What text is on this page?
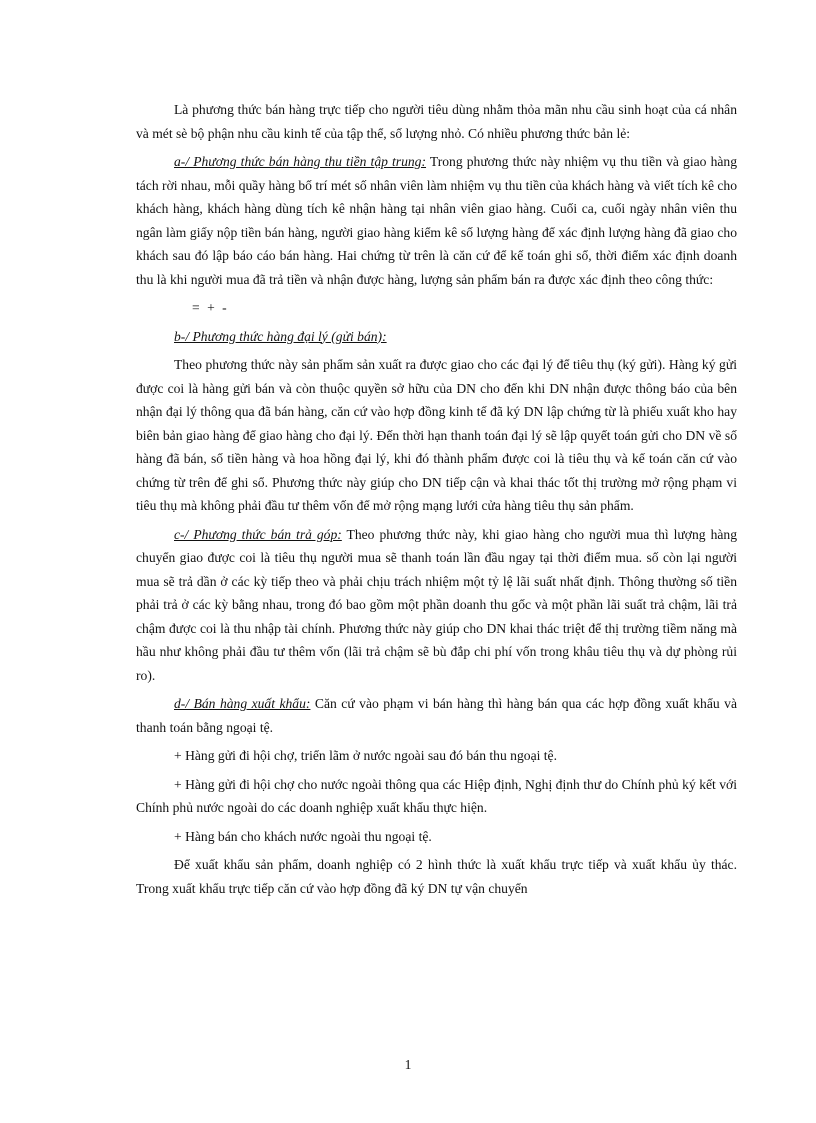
Là phương thức bán hàng trực tiếp cho người tiêu dùng nhằm thỏa mãn nhu cầu sinh hoạt của cá nhân và mét sè bộ phận nhu cầu kinh tế của tập thể, số lượng nhỏ. Có nhiều phương thức bản lẻ:

a-/ Phương thức bán hàng thu tiền tập trung: Trong phương thức này nhiệm vụ thu tiền và giao hàng tách rời nhau, mỗi quầy hàng bố trí mét số nhân viên làm nhiệm vụ thu tiền của khách hàng và viết tích kê cho khách hàng, khách hàng dùng tích kê nhận hàng tại nhân viên giao hàng. Cuối ca, cuối ngày nhân viên thu ngân làm giấy nộp tiền bán hàng, người giao hàng kiểm kê số lượng hàng để xác định lượng hàng đã giao cho khách sau đó lập báo cáo bán hàng. Hai chứng từ trên là căn cứ để kế toán ghi sổ, thời điểm xác định doanh thu là khi người mua đã trả tiền và nhận được hàng, lượng sản phẩm bán ra được xác định theo công thức:

= + -

b-/ Phương thức hàng đại lý (gửi bán):

Theo phương thức này sản phẩm sản xuất ra được giao cho các đại lý để tiêu thụ (ký gửi). Hàng ký gửi được coi là hàng gửi bán và còn thuộc quyền sở hữu của DN cho đến khi DN nhận được thông báo của bên nhận đại lý thông qua đã bán hàng, căn cứ vào hợp đồng kinh tế đã ký DN lập chứng từ là phiếu xuất kho hay biên bản giao hàng để giao hàng cho đại lý. Đến thời hạn thanh toán đại lý sẽ lập quyết toán gửi cho DN về số hàng đã bán, số tiền hàng và hoa hồng đại lý, khi đó thành phẩm được coi là tiêu thụ và kế toán căn cứ vào chứng từ trên để ghi sổ. Phương thức này giúp cho DN tiếp cận và khai thác tốt thị trường mở rộng phạm vi tiêu thụ mà không phải đầu tư thêm vốn để mở rộng mạng lưới cửa hàng tiêu thụ sản phẩm.

c-/ Phương thức bán trả góp: Theo phương thức này, khi giao hàng cho người mua thì lượng hàng chuyển giao được coi là tiêu thụ người mua sẽ thanh toán lần đầu ngay tại thời điểm mua. số còn lại người mua sẽ trả dần ở các kỳ tiếp theo và phải chịu trách nhiệm một tỷ lệ lãi suất nhất định. Thông thường số tiền phải trả ở các kỳ bằng nhau, trong đó bao gồm một phần doanh thu gốc và một phần lãi suất trả chậm, lãi trả chậm được coi là thu nhập tài chính. Phương thức này giúp cho DN khai thác triệt để thị trường tiềm năng mà hầu như không phải đầu tư thêm vốn (lãi trả chậm sẽ bù đắp chi phí vốn trong khâu tiêu thụ và dự phòng rủi ro).

d-/ Bán hàng xuất khẩu: Căn cứ vào phạm vi bán hàng thì hàng bán qua các hợp đồng xuất khẩu và thanh toán bằng ngoại tệ.

+ Hàng gửi đi hội chợ, triển lãm ở nước ngoài sau đó bán thu ngoại tệ.

+ Hàng gửi đi hội chợ cho nước ngoài thông qua các Hiệp định, Nghị định thư do Chính phủ ký kết với Chính phủ nước ngoài do các doanh nghiệp xuất khẩu thực hiện.

+ Hàng bán cho khách nước ngoài thu ngoại tệ.

Để xuất khẩu sản phẩm, doanh nghiệp có 2 hình thức là xuất khẩu trực tiếp và xuất khẩu ủy thác. Trong xuất khẩu trực tiếp căn cứ vào hợp đồng đã ký DN tự vận chuyển

1
